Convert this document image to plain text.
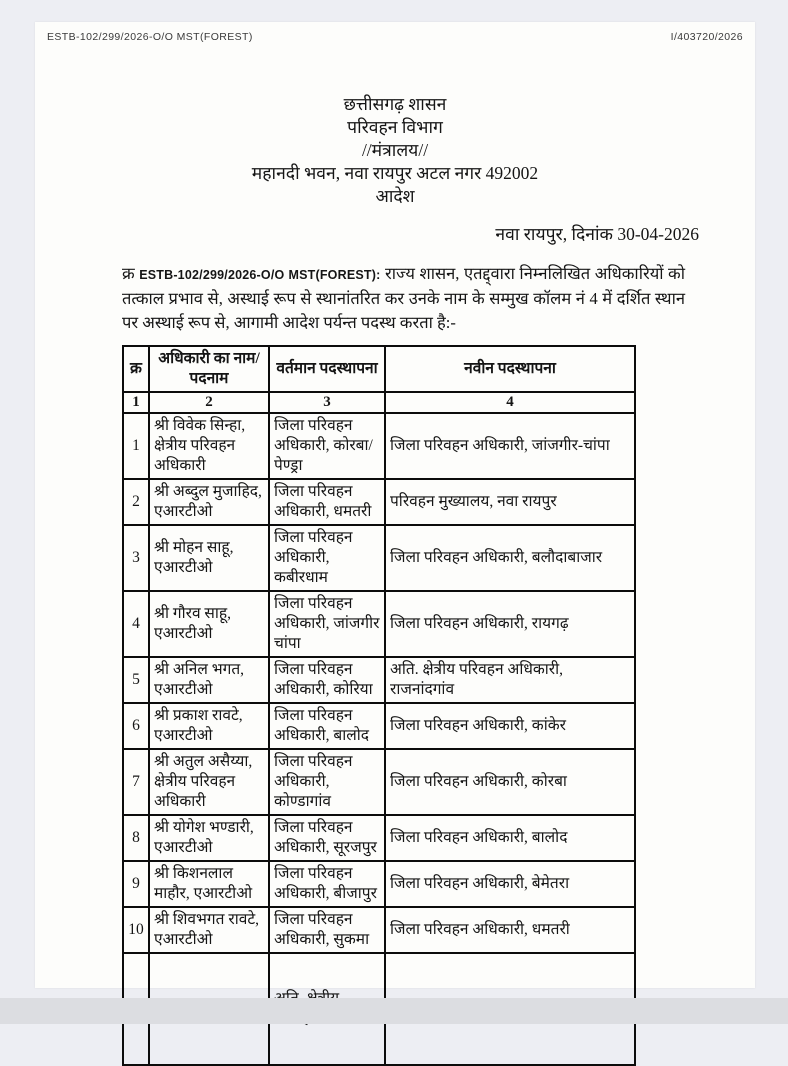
ESTB-102/299/2026-O/O MST(FOREST)	I/403720/2026
छत्तीसगढ़ शासन
परिवहन विभाग
//मंत्रालय//
महानदी भवन, नवा रायपुर अटल नगर 492002
आदेश
नवा रायपुर, दिनांक 30-04-2026

क्र ESTB-102/299/2026-O/O MST(FOREST): राज्य शासन, एतद्द्वारा निम्नलिखित अधिकारियों को तत्काल प्रभाव से, अस्थाई रूप से स्थानांतरित कर उनके नाम के सम्मुख कॉलम नं 4 में दर्शित स्थान पर अस्थाई रूप से, आगामी आदेश पर्यन्त पदस्थ करता है:-

क्र	अधिकारी का नाम/पदनाम	वर्तमान पदस्थापना	नवीन पदस्थापना
1	2	3	4
1	श्री विवेक सिन्हा, क्षेत्रीय परिवहन अधिकारी	जिला परिवहन अधिकारी, कोरबा/पेण्ड्रा	जिला परिवहन अधिकारी, जांजगीर-चांपा
2	श्री अब्दुल मुजाहिद, एआरटीओ	जिला परिवहन अधिकारी, धमतरी	परिवहन मुख्यालय, नवा रायपुर
3	श्री मोहन साहू, एआरटीओ	जिला परिवहन अधिकारी, कबीरधाम	जिला परिवहन अधिकारी, बलौदाबाजार
4	श्री गौरव साहू, एआरटीओ	जिला परिवहन अधिकारी, जांजगीर चांपा	जिला परिवहन अधिकारी, रायगढ़
5	श्री अनिल भगत, एआरटीओ	जिला परिवहन अधिकारी, कोरिया	अति. क्षेत्रीय परिवहन अधिकारी, राजनांदगांव
6	श्री प्रकाश रावटे, एआरटीओ	जिला परिवहन अधिकारी, बालोद	जिला परिवहन अधिकारी, कांकेर
7	श्री अतुल असैय्या, क्षेत्रीय परिवहन अधिकारी	जिला परिवहन अधिकारी, कोण्डागांव	जिला परिवहन अधिकारी, कोरबा
8	श्री योगेश भण्डारी, एआरटीओ	जिला परिवहन अधिकारी, सूरजपुर	जिला परिवहन अधिकारी, बालोद
9	श्री किशनलाल माहौर, एआरटीओ	जिला परिवहन अधिकारी, बीजापुर	जिला परिवहन अधिकारी, बेमेतरा
10	श्री शिवभगत रावटे, एआरटीओ	जिला परिवहन अधिकारी, सुकमा	जिला परिवहन अधिकारी, धमतरी
